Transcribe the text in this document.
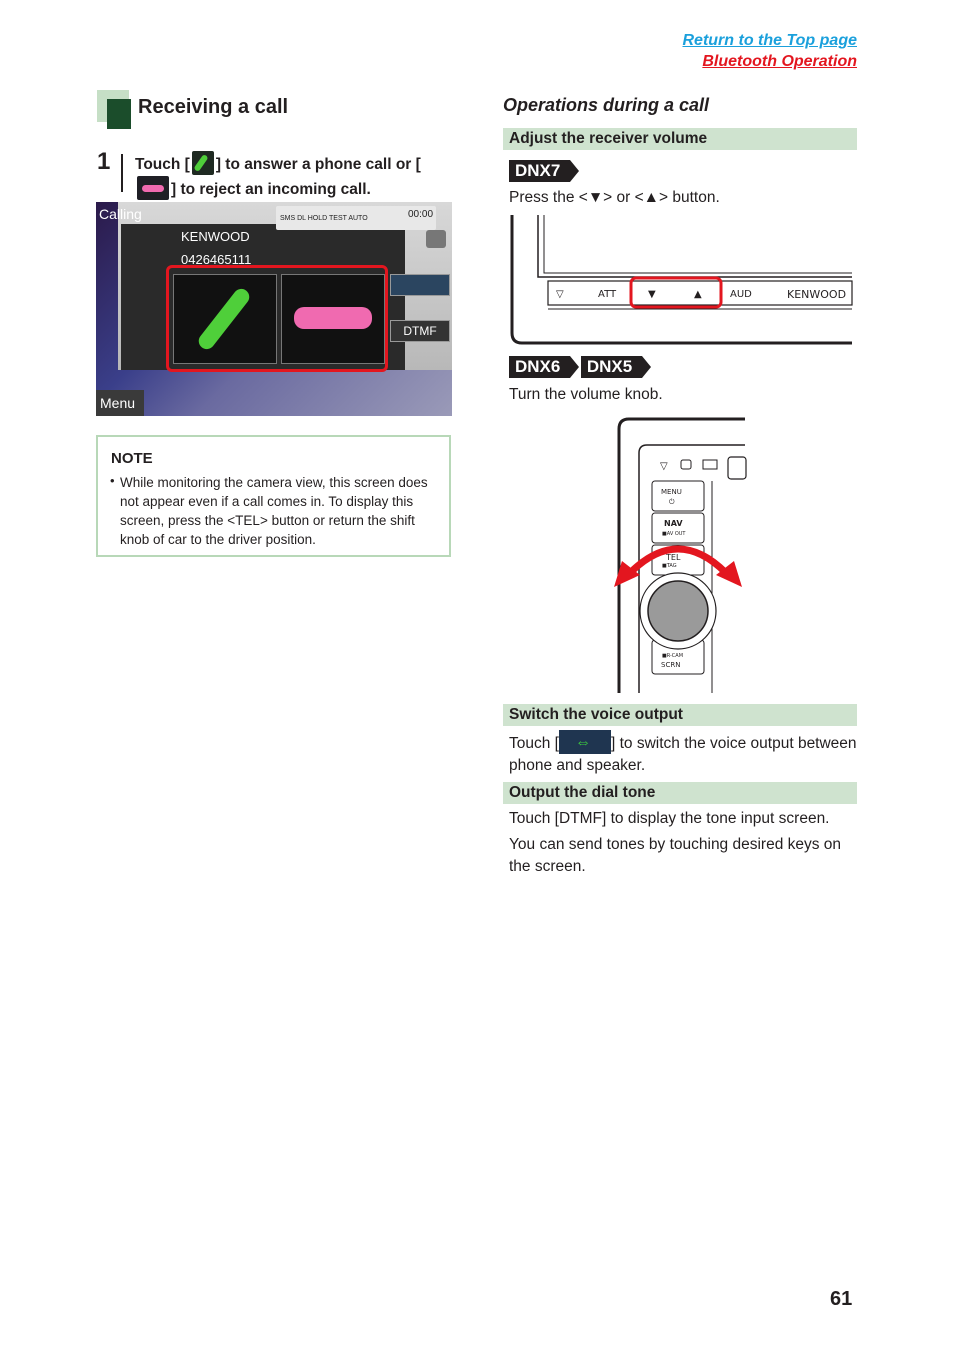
Return to the Top page
Bluetooth Operation
Receiving a call
1 Touch [ ] to answer a phone call or [] to reject an incoming call.
Calling	SMS DL HOLD TEST AUTO	00:00
KENWOOD
0426465111
DTMF
Menu
NOTE
• While monitoring the camera view, this screen does not appear even if a call comes in. To display this screen, press the <TEL> button or return the shift knob of car to the driver position.
Operations during a call
Adjust the receiver volume
DNX7
Press the <▼> or <▲> button.
▽	ATT	▼	▲	AUD	KENWOOD
DNX6 DNX5
Turn the volume knob.
▽
MENU
⏻
NAV
■AV OUT
TEL
■TAG
■R-CAM
SCRN
Switch the voice output
Touch [⇔	] to switch the voice output between phone and speaker.
Output the dial tone
Touch [DTMF] to display the tone input screen.
You can send tones by touching desired keys on the screen.
61
